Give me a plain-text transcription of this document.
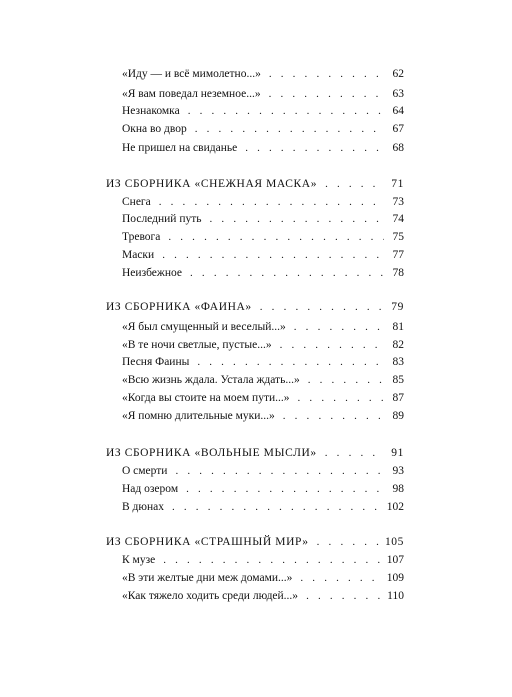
«Иду — и всё мимолетно...» . . .	62
«Я вам поведал неземное...» . . .	63
Незнакомка . . .	64
Окна во двор . . .	67
Не пришел на свиданье . . .	68
ИЗ СБОРНИКА «СНЕЖНАЯ МАСКА» . . .	71
Снега . . .	73
Последний путь . . .	74
Тревога . . .	75
Маски . . .	77
Неизбежное . . .	78
ИЗ СБОРНИКА «ФАИНА» . . .	79
«Я был смущенный и веселый...» . . .	81
«В те ночи светлые, пустые...» . . .	82
Песня Фаины . . .	83
«Всю жизнь ждала. Устала ждать...» . . .	85
«Когда вы стоите на моем пути...» . . .	87
«Я помню длительные муки...» . . .	89
ИЗ СБОРНИКА «ВОЛЬНЫЕ МЫСЛИ» . . .	91
О смерти . . .	93
Над озером . . .	98
В дюнах . . .	102
ИЗ СБОРНИКА «СТРАШНЫЙ МИР» . . .	105
К музе . . .	107
«В эти желтые дни меж домами...» . . .	109
«Как тяжело ходить среди людей...» . . .	110
